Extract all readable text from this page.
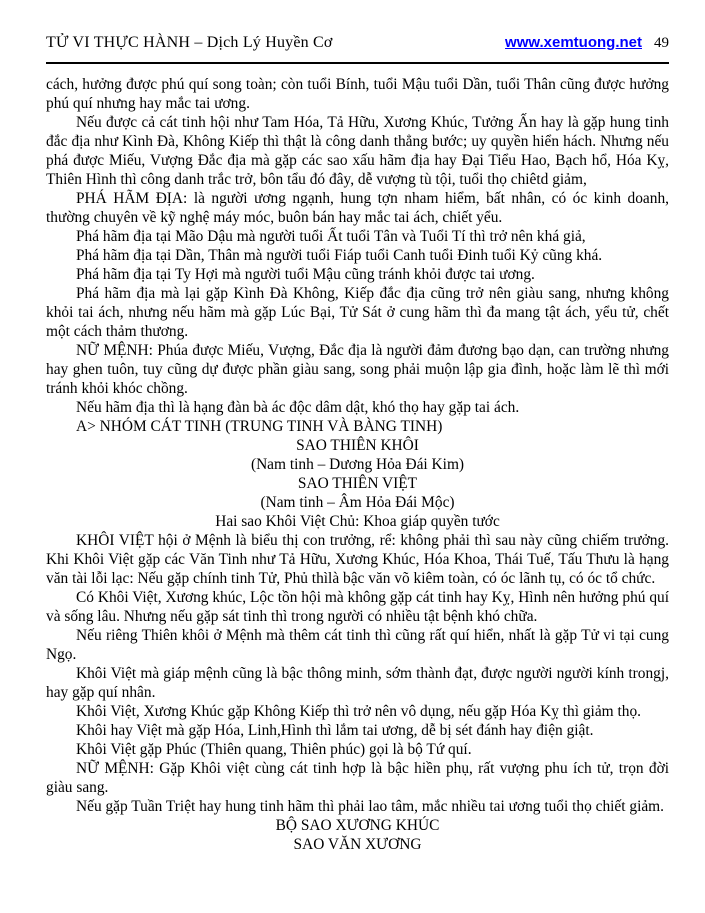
TỬ VI THỰC HÀNH – Dịch Lý Huyền Cơ	www.xemtuong.net 49

cách, hưởng được phú quí song toàn; còn tuổi Bính, tuổi Mậu tuổi Dần, tuổi Thân cũng được hưởng phú quí nhưng hay mắc tai ương.

Nếu được cả cát tinh hội như Tam Hóa, Tả Hữu, Xương Khúc, Tưởng Ấn hay là gặp hung tinh đắc địa như Kình Đà, Không Kiếp thì thật là công danh thẳng bước; uy quyền hiển hách. Nhưng nếu phá được Miếu, Vượng Đắc địa mà gặp các sao xấu hãm địa hay Đại Tiểu Hao, Bạch hổ, Hóa Kỵ, Thiên Hình thì công danh trắc trở, bôn tẩu đó đây, dễ vượng tù tội, tuổi thọ chiêtd giảm,

PHÁ HÃM ĐỊA: là người ương ngạnh, hung tợn nham hiểm, bất nhân, có óc kinh doanh, thường chuyên về kỹ nghệ máy móc, buôn bán hay mắc tai ách, chiết yểu.

Phá hãm địa tại Mão Dậu mà người tuổi Ất tuổi Tân và Tuổi Tí thì trở nên khá giả,

Phá hãm địa tại Dần, Thân mà người tuổi Fiáp tuổi Canh tuổi Đinh tuổi Kỷ cũng khá.

Phá hãm địa tại Ty Hợi mà người tuổi Mậu cũng tránh khỏi được tai ương.

Phá hãm địa mà lại gặp Kình Đà Không, Kiếp đắc địa cũng trở nên giàu sang, nhưng không khỏi tai ách, nhưng nếu hãm mà gặp Lúc Bại, Tử Sát ở cung hãm thì đa mang tật ách, yểu tử, chết một cách thảm thương.

NỮ MỆNH: Phúa được Miếu, Vượng, Đắc địa là người đảm đương bạo dạn, can trường nhưng hay ghen tuôn, tuy cũng dự được phần giàu sang, song phải muộn lập gia đình, hoặc làm lẽ thì mới tránh khỏi khóc chồng.

Nếu hãm địa thì là hạng đàn bà ác độc dâm dật, khó thọ hay gặp tai ách.

A> NHÓM CÁT TINH (TRUNG TINH VÀ BÀNG TINH)

SAO THIÊN KHÔI

(Nam tinh – Dương Hỏa Đái Kim)

SAO THIÊN VIỆT

(Nam tinh – Âm Hỏa Đái Mộc)

Hai sao Khôi Việt Chủ: Khoa giáp quyền tước

KHÔI VIỆT hội ở Mệnh là biểu thị con trưởng, rể: không phải thì sau này cũng chiếm trưởng. Khi Khôi Việt gặp các Văn Tinh như Tả Hữu, Xương Khúc, Hóa Khoa, Thái Tuế, Tấu Thưu là hạng văn tài lỗi lạc: Nếu gặp chính tinh Tử, Phủ thìlà bậc văn võ kiêm toàn, có óc lãnh tụ, có óc tổ chức.

Có Khôi Việt, Xương khúc, Lộc tồn hội mà không gặp cát tinh hay Kỵ, Hình nên hưởng phú quí và sống lâu. Nhưng nếu gặp sát tinh thì trong người có nhiều tật bệnh khó chữa.

Nếu riêng Thiên khôi ở Mệnh mà thêm cát tinh thì cũng rất quí hiển, nhất là gặp Tử vi tại cung Ngọ.

Khôi Việt mà giáp mệnh cũng là bậc thông minh, sớm thành đạt, được người người kính trongj, hay gặp quí nhân.

Khôi Việt, Xương Khúc gặp Không Kiếp thì trở nên vô dụng, nếu gặp Hóa Kỵ thì giảm thọ.

Khôi hay Việt mà gặp Hóa, Linh,Hình thì lắm tai ương, dễ bị sét đánh hay điện giật.

Khôi Việt gặp Phúc (Thiên quang, Thiên phúc) gọi là bộ Tứ quí.

NỮ MỆNH: Gặp Khôi việt cùng cát tinh hợp là bậc hiền phụ, rất vượng phu ích tử, trọn đời giàu sang.

Nếu gặp Tuần Triệt hay hung tinh hãm thì phải lao tâm, mắc nhiều tai ương tuổi thọ chiết giảm.

BỘ SAO XƯƠNG KHÚC

SAO VĂN XƯƠNG
